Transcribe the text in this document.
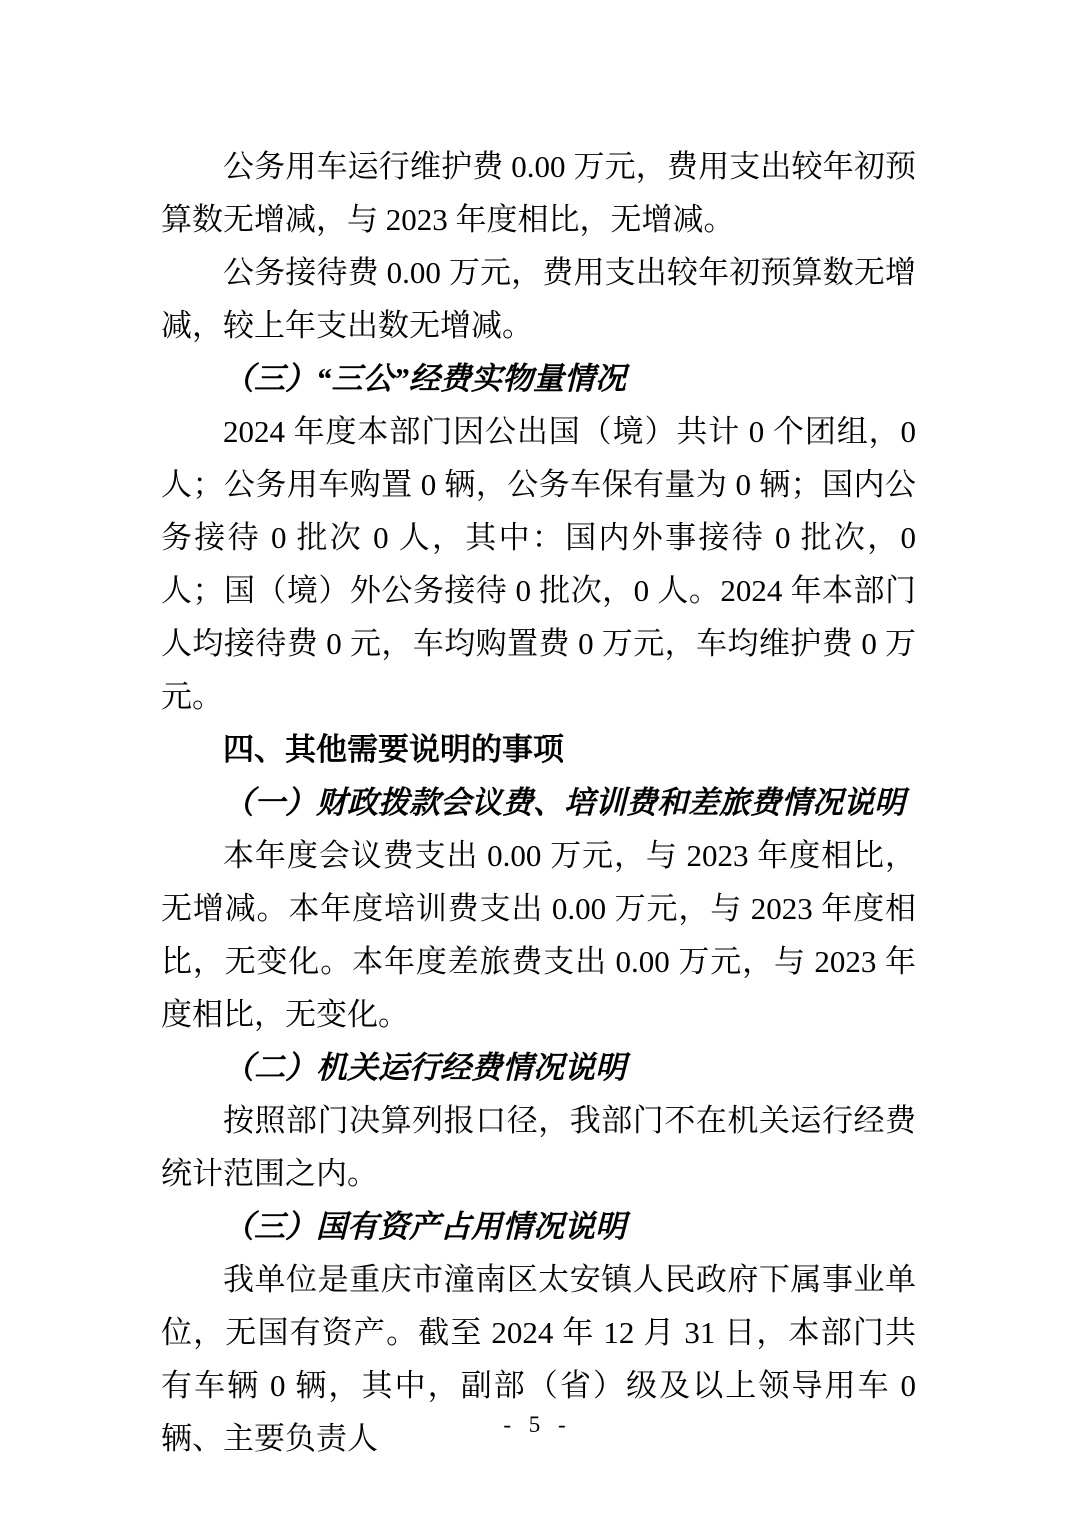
公务用车运行维护费 0.00 万元，费用支出较年初预算数无增减，与 2023 年度相比，无增减。

公务接待费 0.00 万元，费用支出较年初预算数无增减，较上年支出数无增减。

（三）“三公”经费实物量情况

2024 年度本部门因公出国（境）共计 0 个团组，0 人；公务用车购置 0 辆，公务车保有量为 0 辆；国内公务接待 0 批次 0 人，其中：国内外事接待 0 批次，0 人；国（境）外公务接待 0 批次，0 人。2024 年本部门人均接待费 0 元，车均购置费 0 万元，车均维护费 0 万元。

四、其他需要说明的事项

（一）财政拨款会议费、培训费和差旅费情况说明

本年度会议费支出 0.00 万元，与 2023 年度相比，无增减。本年度培训费支出 0.00 万元，与 2023 年度相比，无变化。本年度差旅费支出 0.00 万元，与 2023 年度相比，无变化。

（二）机关运行经费情况说明

按照部门决算列报口径，我部门不在机关运行经费统计范围之内。

（三）国有资产占用情况说明

我单位是重庆市潼南区太安镇人民政府下属事业单位，无国有资产。截至 2024 年 12 月 31 日，本部门共有车辆 0 辆，其中，副部（省）级及以上领导用车 0 辆、主要负责人	- 5 -
